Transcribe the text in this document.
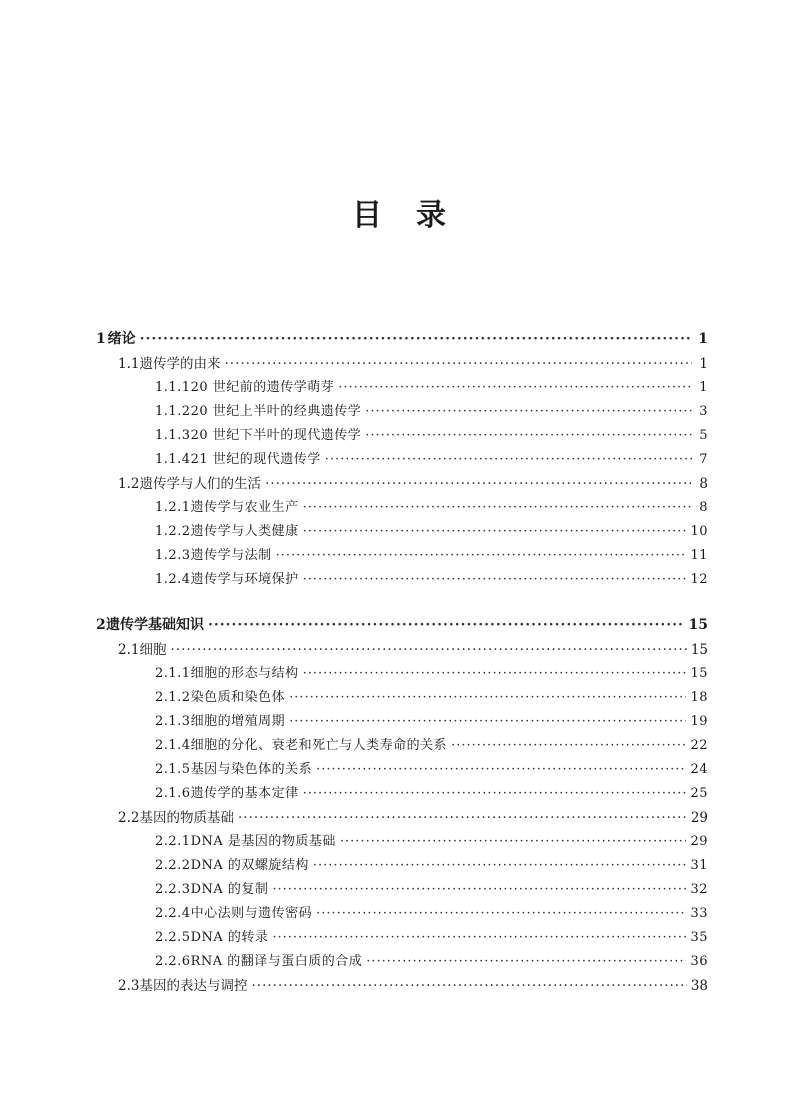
目　录
1 绪论 ·····	1
1.1 遗传学的由来 ·····	1
1.1.1 20 世纪前的遗传学萌芽 ·····	1
1.1.2 20 世纪上半叶的经典遗传学 ·····	3
1.1.3 20 世纪下半叶的现代遗传学 ·····	5
1.1.4 21 世纪的现代遗传学 ·····	7
1.2 遗传学与人们的生活 ·····	8
1.2.1 遗传学与农业生产 ·····	8
1.2.2 遗传学与人类健康 ·····	10
1.2.3 遗传学与法制 ·····	11
1.2.4 遗传学与环境保护 ·····	12
2 遗传学基础知识 ·····	15
2.1 细胞 ·····	15
2.1.1 细胞的形态与结构 ·····	15
2.1.2 染色质和染色体 ·····	18
2.1.3 细胞的增殖周期 ·····	19
2.1.4 细胞的分化、衰老和死亡与人类寿命的关系 ·····	22
2.1.5 基因与染色体的关系 ·····	24
2.1.6 遗传学的基本定律 ·····	25
2.2 基因的物质基础 ·····	29
2.2.1 DNA 是基因的物质基础 ·····	29
2.2.2 DNA 的双螺旋结构 ·····	31
2.2.3 DNA 的复制 ·····	32
2.2.4 中心法则与遗传密码 ·····	33
2.2.5 DNA 的转录 ·····	35
2.2.6 RNA 的翻译与蛋白质的合成 ·····	36
2.3 基因的表达与调控 ·····	38
